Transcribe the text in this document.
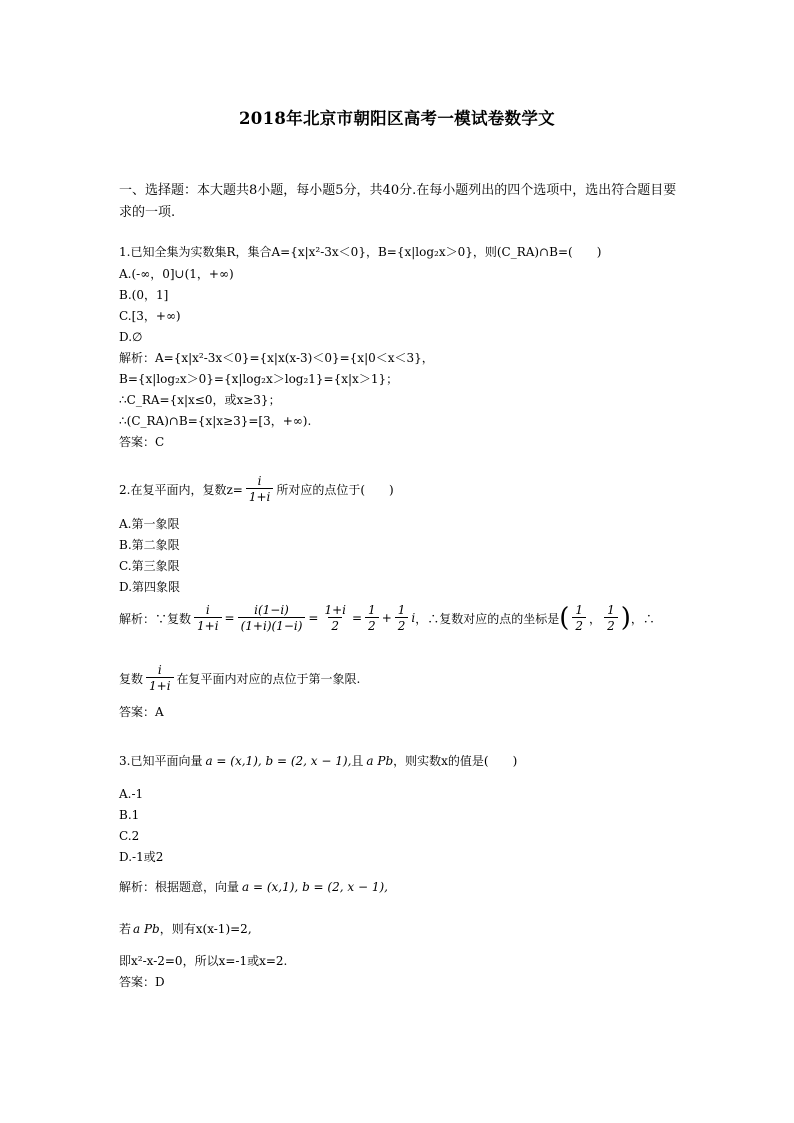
2018年北京市朝阳区高考一模试卷数学文
一、选择题：本大题共8小题，每小题5分，共40分.在每小题列出的四个选项中，选出符合题目要求的一项.
1.已知全集为实数集R，集合A={x|x²-3x＜0}，B={x|log₂x＞0}，则(C_RA)∩B=(　　)
A.(-∞，0]∪(1，+∞)
B.(0，1]
C.[3，+∞)
D.∅
解析：A={x|x²-3x＜0}={x|x(x-3)＜0}={x|0＜x＜3}，
B={x|log₂x＞0}={x|log₂x＞log₂1}={x|x＞1}；
∴C_RA={x|x≤0，或x≥3}；
∴(C_RA)∩B={x|x≥3}=[3，+∞).
答案：C
2.在复平面内，复数$z= \frac{i}{1+i}$ 所对应的点位于(　　)
A.第一象限
B.第二象限
C.第三象限
D.第四象限
解析：∵复数 $\frac{i}{1+i} = \frac{i(1-i)}{(1+i)(1-i)} = \frac{1+i}{2} = \frac{1}{2} + \frac{1}{2}$ i ，∴复数对应的点的坐标是 ( $\frac{1}{2}$ ， $\frac{1}{2}$ ) ，∴
复数 $\frac{i}{1+i}$ 在复平面内对应的点位于第一象限.
答案：A
3.已知平面向量 a = (x,1), b = (2, x − 1), 且 a Pb ，则实数x的值是(　　)
A.-1
B.1
C.2
D.-1或2
解析：根据题意，向量 a = (x,1), b = (2, x − 1),
若 a Pb ，则有x(x-1)=2,
即x²-x-2=0，所以x=-1或x=2.
答案：D
